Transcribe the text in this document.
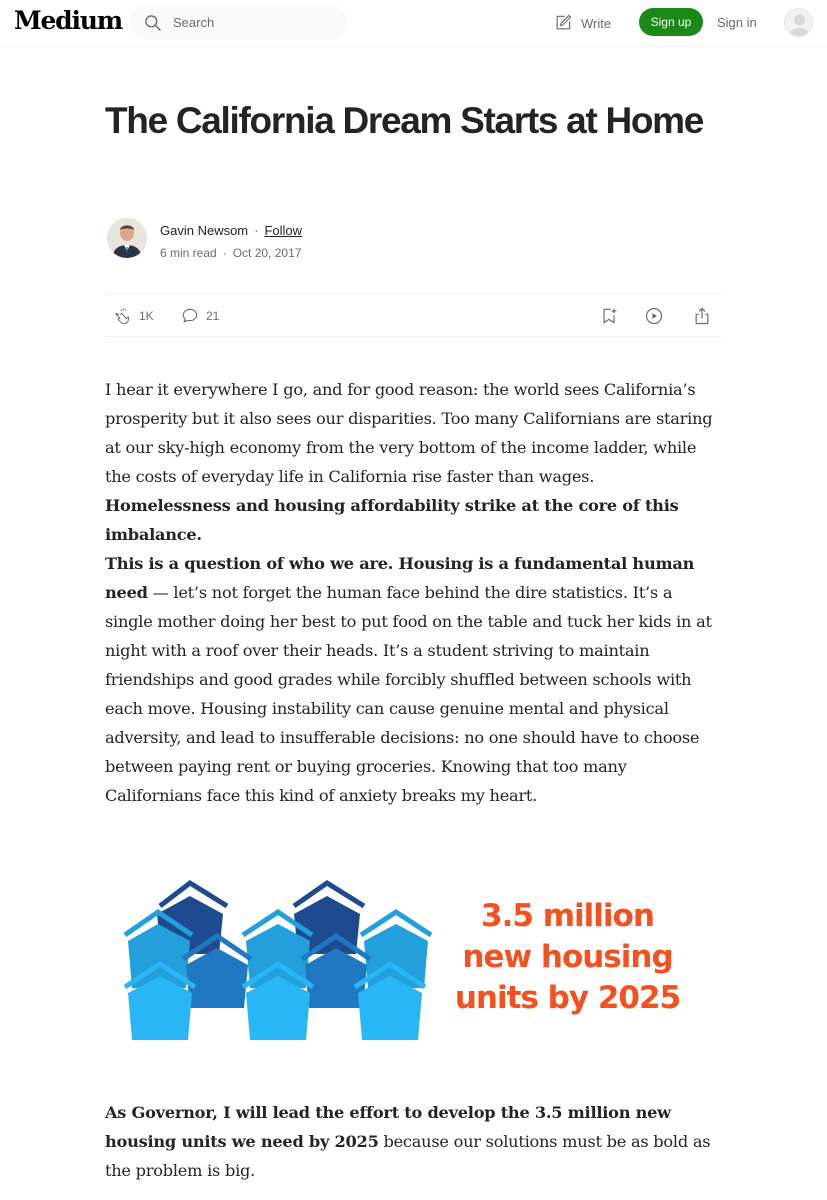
Medium	Search	Write	Sign up	Sign in
The California Dream Starts at Home
Gavin Newsom · Follow
6 min read · Oct 20, 2017
1K	21

I hear it everywhere I go, and for good reason: the world sees California’s prosperity but it also sees our disparities. Too many Californians are staring at our sky-high economy from the very bottom of the income ladder, while the costs of everyday life in California rise faster than wages. Homelessness and housing affordability strike at the core of this imbalance.

This is a question of who we are. Housing is a fundamental human need — let’s not forget the human face behind the dire statistics. It’s a single mother doing her best to put food on the table and tuck her kids in at night with a roof over their heads. It’s a student striving to maintain friendships and good grades while forcibly shuffled between schools with each move. Housing instability can cause genuine mental and physical adversity, and lead to insufferable decisions: no one should have to choose between paying rent or buying groceries. Knowing that too many Californians face this kind of anxiety breaks my heart.

3.5 million
new housing
units by 2025

As Governor, I will lead the effort to develop the 3.5 million new housing units we need by 2025 because our solutions must be as bold as the problem is big.
